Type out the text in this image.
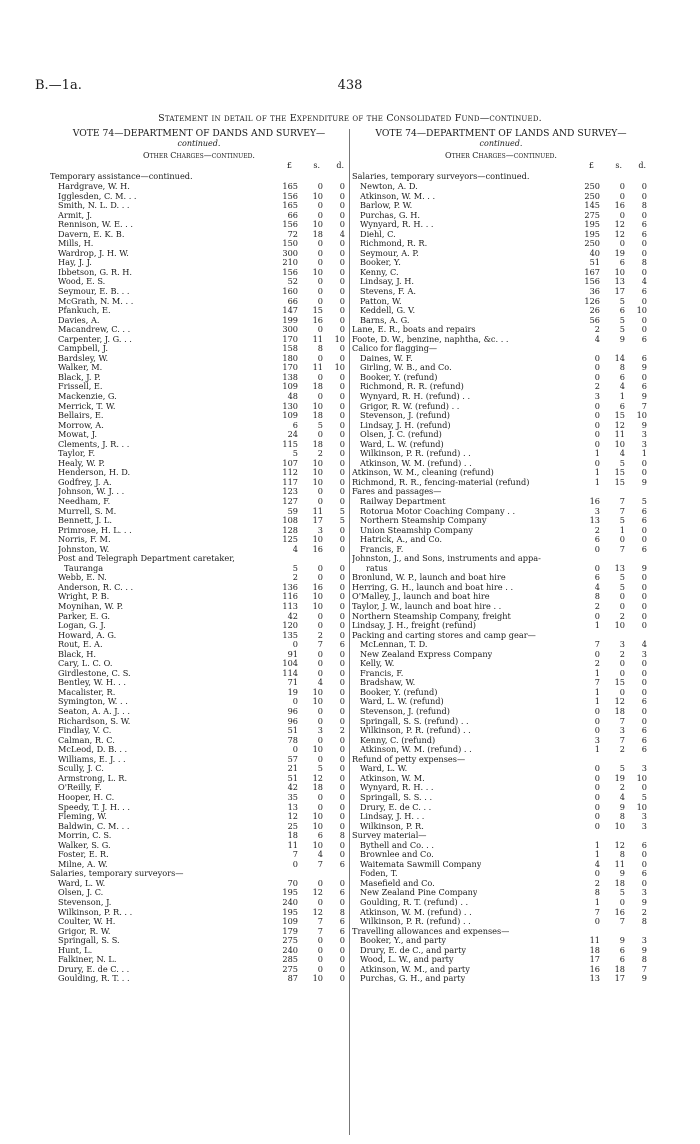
B.—1a.	438
Statement in detail of the Expenditure of the Consolidated Fund—continued.
VOTE 74—DEPARTMENT OF DANDS AND SURVEY—
continued.
Other Charges—continued.
£	s. d.
Temporary assistance—continued.
Hardgrave, W. H.	165	0	0
Igglesden, C. M. . .	156	10	0
Smith, N. L. D. . .	165	0	0
Armit, J.	66	0	0
Rennison, W. E. . .	156	10	0
Davern, E. K. B.	72	18	4
Mills, H.	150	0	0
Wardrop, J. H. W.	300	0	0
Hay, J. J.	210	0	0
Ibbetson, G. R. H.	156	10	0
Wood, E. S.	52	0	0
Seymour, E. B. . .	160	0	0
McGrath, N. M. . .	66	0	0
Pfankuch, E.	147	15	0
Davies, A.	199	16	0
Macandrew, C. . .	300	0	0
Carpenter, J. G. . .	170	11	10
Campbell, J.	158	8	0
Bardsley, W.	180	0	0
Walker, M.	170	11	10
Black, J. P.	138	0	0
Frissell, E.	109	18	0
Mackenzie, G.	48	0	0
Merrick, T. W.	130	10	0
Bellairs, E.	109	18	0
Morrow, A.	6	5	0
Mowat, J.	24	0	0
Clements, J. R. . .	115	18	0
Taylor, F.	5	2	0
Healy, W. P.	107	10	0
Henderson, H. D.	112	10	0
Godfrey, J. A.	117	10	0
Johnson, W. J. . .	123	0	0
Needham, F.	127	0	0
Murrell, S. M.	59	11	5
Bennett, J. L.	108	17	5
Primrose, H. L. . .	128	3	0
Norris, F. M.	125	10	0
Johnston, W.	4	16	0
Post and Telegraph Department caretaker,
Tauranga	5	0	0
Webb, E. N.	2	0	0
Anderson, R. C. . .	136	16	0
Wright, P. B.	116	10	0
Moynihan, W. P.	113	10	0
Parker, E. G.	42	0	0
Logan, G. J.	120	0	0
Howard, A. G.	135	2	0
Rout, E. A.	0	7	6
Black, H.	91	0	0
Cary, L. C. O.	104	0	0
Girdlestone, C. S.	114	0	0
Bentley, W. H. . .	71	4	0
Macalister, R.	19	10	0
Symington, W. . .	0	10	0
Seaton, A. A. J. . .	96	0	0
Richardson, S. W.	96	0	0
Findlay, V. C.	51	3	2
Calman, R. C.	78	0	0
McLeod, D. B. . .	0	10	0
Williams, E. J. . .	57	0	0
Scully, J. C.	21	5	0
Armstrong, L. R.	51	12	0
O'Reilly, F.	42	18	0
Hooper, H. C.	35	0	0
Speedy, T. J. H. . .	13	0	0
Fleming, W.	12	10	0
Baldwin, C. M. . .	25	10	0
Morrin, C. S.	18	6	8
Walker, S. G.	11	10	0
Foster, E. R.	7	4	0
Milne, A. W.	0	7	6
Salaries, temporary surveyors—
Ward, L. W.	70	0	0
Olsen, J. C.	195	12	6
Stevenson, J.	240	0	0
Wilkinson, P. R. . .	195	12	8
Coulter, W. H.	109	7	6
Grigor, R. W.	179	7	6
Springall, S. S.	275	0	0
Hunt, L.	240	0	0
Falkiner, N. L.	285	0	0
Drury, E. de C. . .	275	0	0
Goulding, R. T. . .	87	10	0
VOTE 74—DEPARTMENT OF LANDS AND SURVEY—
continued.
Other Charges—continued.
£	s. d.
Salaries, temporary surveyors—continued.
Newton, A. D.	250	0	0
Atkinson, W. M. . .	250	0	0
Barlow, P. W.	145	16	8
Purchas, G. H.	275	0	0
Wynyard, R. H. . .	195	12	6
Diehl, C.	195	12	6
Richmond, R. R.	250	0	0
Seymour, A. P.	40	19	0
Booker, Y.	51	6	8
Kenny, C.	167	10	0
Lindsay, J. H.	156	13	4
Stevens, F. A.	36	17	6
Patton, W.	126	5	0
Keddell, G. V.	26	6	10
Barns, A. G.	56	5	0
Lane, E. R., boats and repairs	2	5	0
Foote, D. W., benzine, naphtha, &c. . .	4	9	6
Calico for flagging—
Daines, W. F.	0	14	6
Girling, W. B., and Co.	0	8	9
Booker, Y. (refund)	0	6	0
Richmond, R. R. (refund)	2	4	6
Wynyard, R. H. (refund) . .	3	1	9
Grigor, R. W. (refund) . .	0	6	7
Stevenson, J. (refund)	0	15	10
Lindsay, J. H. (refund)	0	12	9
Olsen, J. C. (refund)	0	11	3
Ward, L. W. (refund)	0	10	3
Wilkinson, P. R. (refund) . .	1	4	1
Atkinson, W. M. (refund) . .	0	5	0
Atkinson, W. M., cleaning (refund)	1	15	0
Richmond, R. R., fencing-material (refund)	1	15	9
Fares and passages—
Railway Department	16	7	5
Rotorua Motor Coaching Company . .	3	7	6
Northern Steamship Company	13	5	6
Union Steamship Company	2	1	0
Hatrick, A., and Co.	6	0	0
Francis, F.	0	7	6
Johnston, J., and Sons, instruments and appa-
ratus	0	13	9
Bronlund, W. P., launch and boat hire	6	5	0
Herring, G. H., launch and boat hire . .	4	5	0
O'Malley, J., launch and boat hire	8	0	0
Taylor, J. W., launch and boat hire . .	2	0	0
Northern Steamship Company, freight	0	2	0
Lindsay, J. H., freight (refund)	1	10	0
Packing and carting stores and camp gear—
McLennan, T. D.	7	3	4
New Zealand Express Company	0	2	3
Kelly, W.	2	0	0
Francis, F.	1	0	0
Bradshaw, W.	7	15	0
Booker, Y. (refund)	1	0	0
Ward, L. W. (refund)	1	12	6
Stevenson, J. (refund)	0	18	0
Springall, S. S. (refund) . .	0	7	0
Wilkinson, P. R. (refund) . .	0	3	6
Kenny, C. (refund)	3	7	6
Atkinson, W. M. (refund) . .	1	2	6
Refund of petty expenses—
Ward, L. W.	0	5	3
Atkinson, W. M.	0	19	10
Wynyard, R. H. . .	0	2	0
Springall, S. S. . .	0	4	5
Drury, E. de C. . .	0	9	10
Lindsay, J. H. . .	0	8	3
Wilkinson, P. R.	0	10	3
Survey material—
Bythell and Co. . .	1	12	6
Brownlee and Co.	1	8	0
Waitemata Sawmill Company	4	11	0
Foden, T.	0	9	6
Masefield and Co.	2	18	0
New Zealand Pine Company	8	5	3
Goulding, R. T. (refund) . .	1	0	9
Atkinson, W. M. (refund) . .	7	16	2
Wilkinson, P. R. (refund) . .	0	7	8
Travelling allowances and expenses—
Booker, Y., and party	11	9	3
Drury, E. de C., and party	18	6	9
Wood, L. W., and party	17	6	8
Atkinson, W. M., and party	16	18	7
Purchas, G. H., and party	13	17	9
